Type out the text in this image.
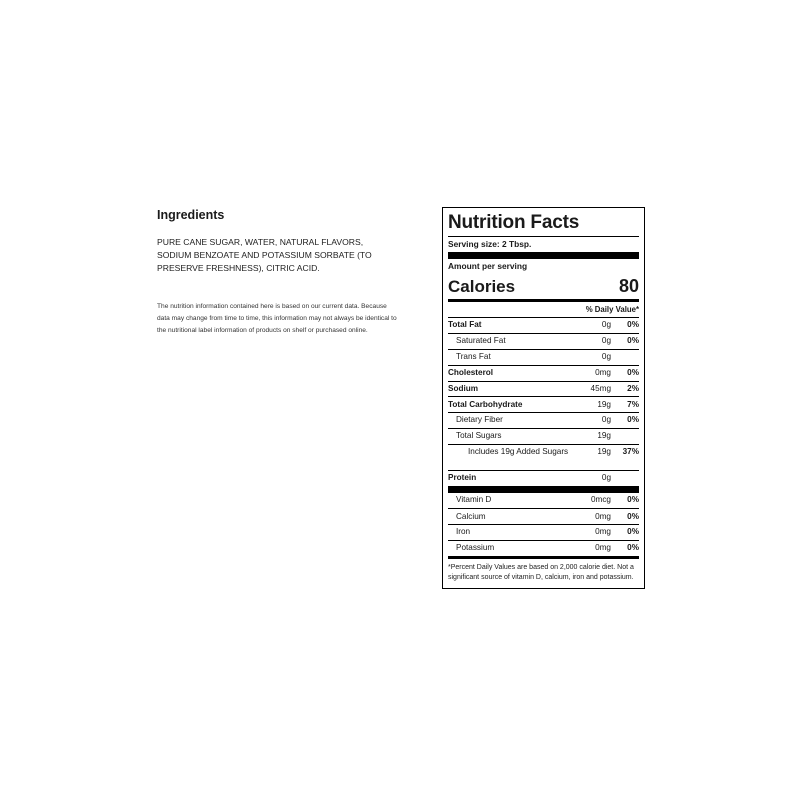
Ingredients
PURE CANE SUGAR, WATER, NATURAL FLAVORS, SODIUM BENZOATE AND POTASSIUM SORBATE (TO PRESERVE FRESHNESS), CITRIC ACID.
The nutrition information contained here is based on our current data. Because data may change from time to time, this information may not always be identical to the nutritional label information of products on shelf or purchased online.
Nutrition Facts
Serving size: 2 Tbsp.
Amount per serving
Calories	80
% Daily Value*
Total Fat	0g	0%
Saturated Fat	0g	0%
Trans Fat	0g
Cholesterol	0mg	0%
Sodium	45mg	2%
Total Carbohydrate	19g	7%
Dietary Fiber	0g	0%
Total Sugars	19g
Includes 19g Added Sugars	19g	37%
Protein	0g
Vitamin D	0mcg	0%
Calcium	0mg	0%
Iron	0mg	0%
Potassium	0mg	0%
*Percent Daily Values are based on 2,000 calorie diet. Not a significant source of vitamin D, calcium, iron and potassium.
